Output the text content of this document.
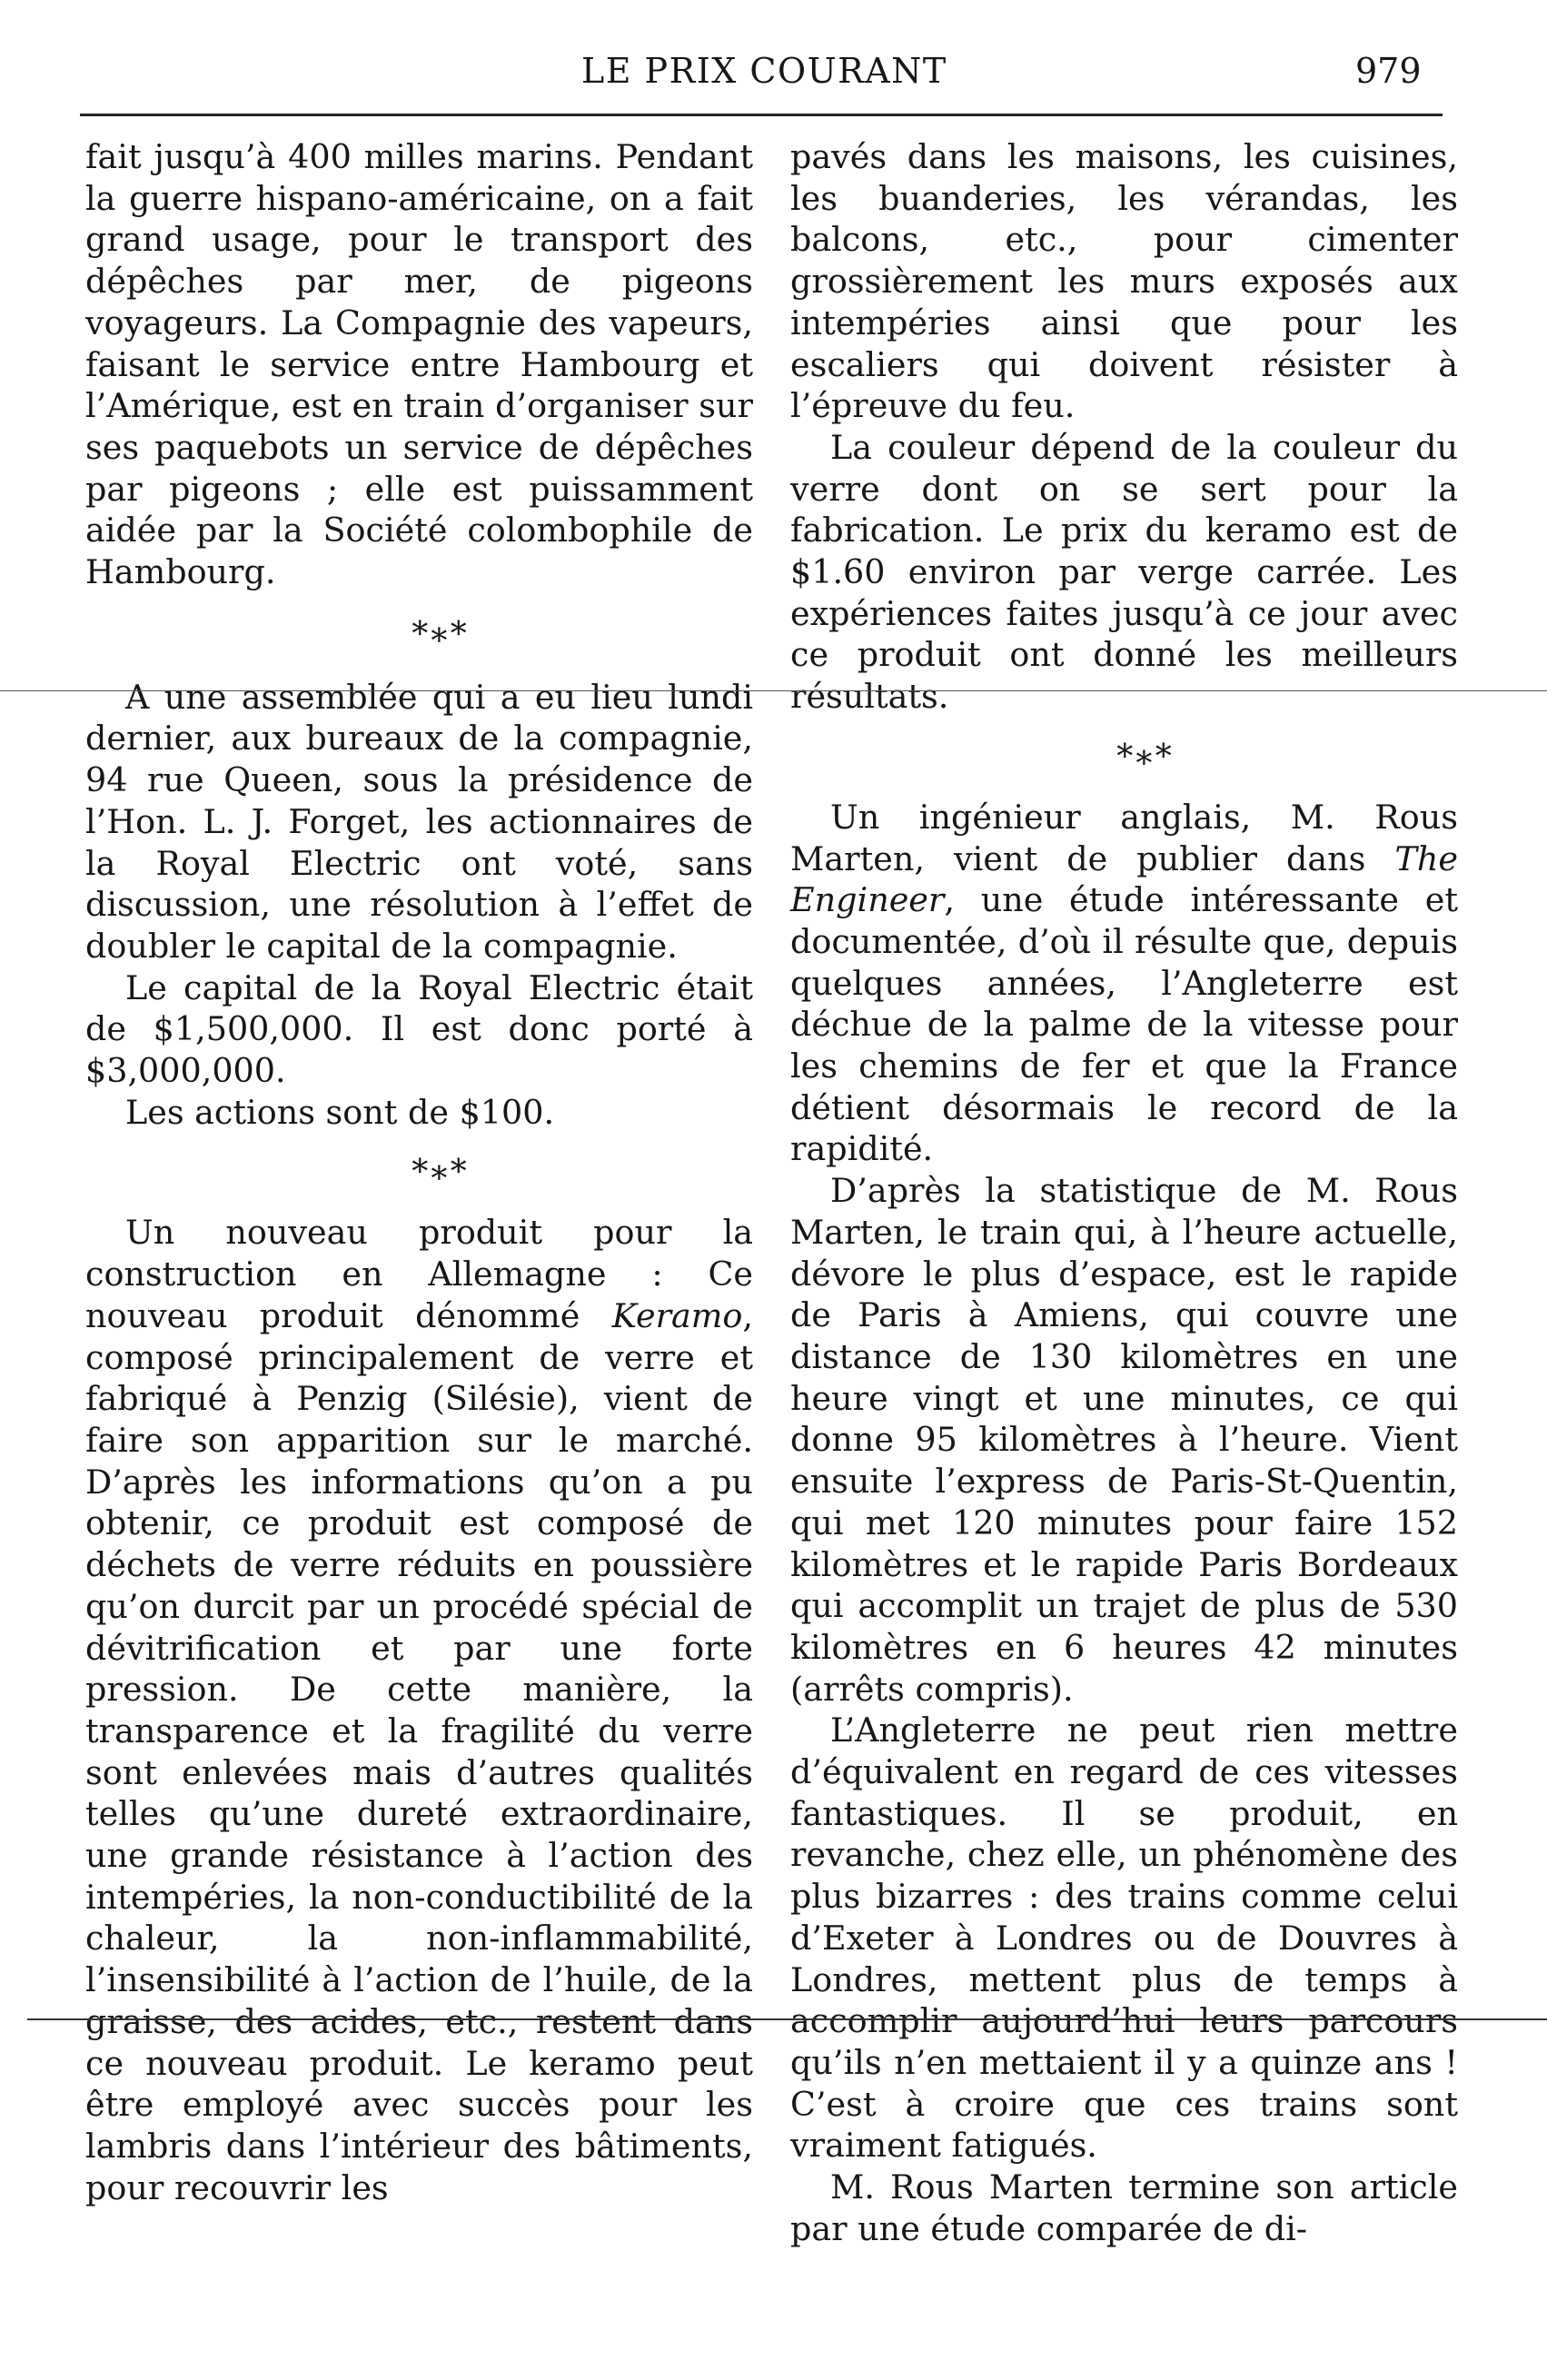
LE PRIX COURANT	979

fait jusqu’à 400 milles marins. Pendant la guerre hispano-américaine, on a fait grand usage, pour le transport des dépêches par mer, de pigeons voyageurs. La Compagnie des vapeurs, faisant le service entre Hambourg et l’Amérique, est en train d’organiser sur ses paquebots un service de dépêches par pigeons ; elle est puissamment aidée par la Société colombophile de Hambourg.

*∗*

A une assemblée qui a eu lieu lundi dernier, aux bureaux de la compagnie, 94 rue Queen, sous la présidence de l’Hon. L. J. Forget, les actionnaires de la Royal Electric ont voté, sans discussion, une résolution à l’effet de doubler le capital de la compagnie.

Le capital de la Royal Electric était de $1,500,000. Il est donc porté à $3,000,000.

Les actions sont de $100.

*∗*

Un nouveau produit pour la construction en Allemagne : Ce nouveau produit dénommé Keramo, composé principalement de verre et fabriqué à Penzig (Silésie), vient de faire son apparition sur le marché. D’après les informations qu’on a pu obtenir, ce produit est composé de déchets de verre réduits en poussière qu’on durcit par un procédé spécial de dévitrification et par une forte pression. De cette manière, la transparence et la fragilité du verre sont enlevées mais d’autres qualités telles qu’une dureté extraordinaire, une grande résistance à l’action des intempéries, la non-conductibilité de la chaleur, la non-inflammabilité, l’insensibilité à l’action de l’huile, de la graisse, des acides, etc., restent dans ce nouveau produit. Le keramo peut être employé avec succès pour les lambris dans l’intérieur des bâtiments, pour recouvrir les

pavés dans les maisons, les cuisines, les buanderies, les vérandas, les balcons, etc., pour cimenter grossièrement les murs exposés aux intempéries ainsi que pour les escaliers qui doivent résister à l’épreuve du feu.

La couleur dépend de la couleur du verre dont on se sert pour la fabrication. Le prix du keramo est de $1.60 environ par verge carrée. Les expériences faites jusqu’à ce jour avec ce produit ont donné les meilleurs résultats.

*∗*

Un ingénieur anglais, M. Rous Marten, vient de publier dans The Engineer, une étude intéressante et documentée, d’où il résulte que, depuis quelques années, l’Angleterre est déchue de la palme de la vitesse pour les chemins de fer et que la France détient désormais le record de la rapidité.

D’après la statistique de M. Rous Marten, le train qui, à l’heure actuelle, dévore le plus d’espace, est le rapide de Paris à Amiens, qui couvre une distance de 130 kilomètres en une heure vingt et une minutes, ce qui donne 95 kilomètres à l’heure. Vient ensuite l’express de Paris-St-Quentin, qui met 120 minutes pour faire 152 kilomètres et le rapide Paris Bordeaux qui accomplit un trajet de plus de 530 kilomètres en 6 heures 42 minutes (arrêts compris).

L’Angleterre ne peut rien mettre d’équivalent en regard de ces vitesses fantastiques. Il se produit, en revanche, chez elle, un phénomène des plus bizarres : des trains comme celui d’Exeter à Londres ou de Douvres à Londres, mettent plus de temps à accomplir aujourd’hui leurs parcours qu’ils n’en mettaient il y a quinze ans ! C’est à croire que ces trains sont vraiment fatigués.

M. Rous Marten termine son article par une étude comparée de di-
